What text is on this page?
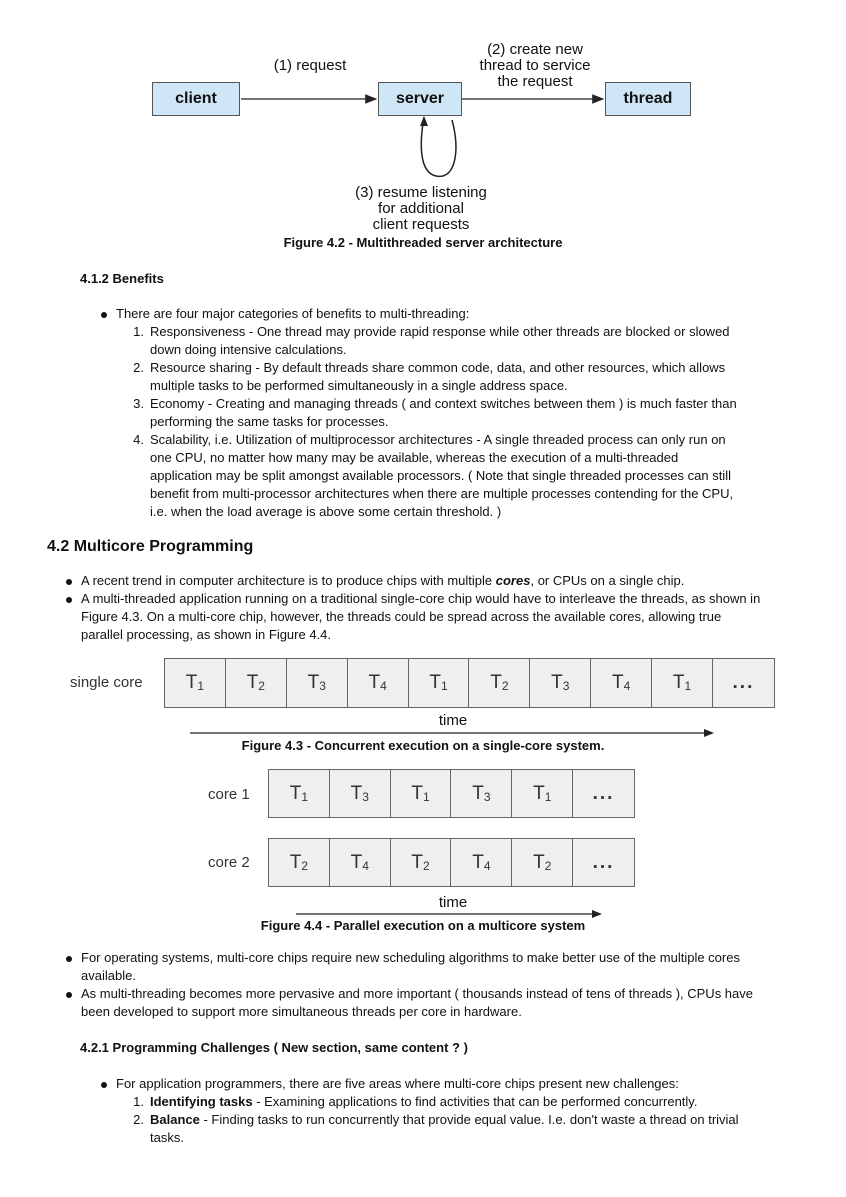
client	server	thread
(1) request
(2) create new
thread to service
the request
(3) resume listening
for additional
client requests
Figure 4.2 - Multithreaded server architecture
4.1.2 Benefits
There are four major categories of benefits to multi-threading:
1. Responsiveness - One thread may provide rapid response while other threads are blocked or slowed
down doing intensive calculations.
2. Resource sharing - By default threads share common code, data, and other resources, which allows
multiple tasks to be performed simultaneously in a single address space.
3. Economy - Creating and managing threads ( and context switches between them ) is much faster than
performing the same tasks for processes.
4. Scalability, i.e. Utilization of multiprocessor architectures - A single threaded process can only run on
one CPU, no matter how many may be available, whereas the execution of a multi-threaded
application may be split amongst available processors. ( Note that single threaded processes can still
benefit from multi-processor architectures when there are multiple processes contending for the CPU,
i.e. when the load average is above some certain threshold. )
4.2 Multicore Programming
A recent trend in computer architecture is to produce chips with multiple cores, or CPUs on a single chip.
A multi-threaded application running on a traditional single-core chip would have to interleave the threads, as shown in
Figure 4.3. On a multi-core chip, however, the threads could be spread across the available cores, allowing true
parallel processing, as shown in Figure 4.4.
single core	$T_1$	$T_2$	$T_3$	$T_4$	$T_1$	$T_2$	$T_3$	$T_4$	$T_1$	...
time
Figure 4.3 - Concurrent execution on a single-core system.
core 1	$T_1$	$T_3$	$T_1$	$T_3$	$T_1$	...
core 2	$T_2$	$T_4$	$T_2$	$T_4$	$T_2$	...
time
Figure 4.4 - Parallel execution on a multicore system
For operating systems, multi-core chips require new scheduling algorithms to make better use of the multiple cores
available.
As multi-threading becomes more pervasive and more important ( thousands instead of tens of threads ), CPUs have
been developed to support more simultaneous threads per core in hardware.
4.2.1 Programming Challenges ( New section, same content ? )
For application programmers, there are five areas where multi-core chips present new challenges:
1. Identifying tasks - Examining applications to find activities that can be performed concurrently.
2. Balance - Finding tasks to run concurrently that provide equal value. I.e. don't waste a thread on trivial
tasks.
